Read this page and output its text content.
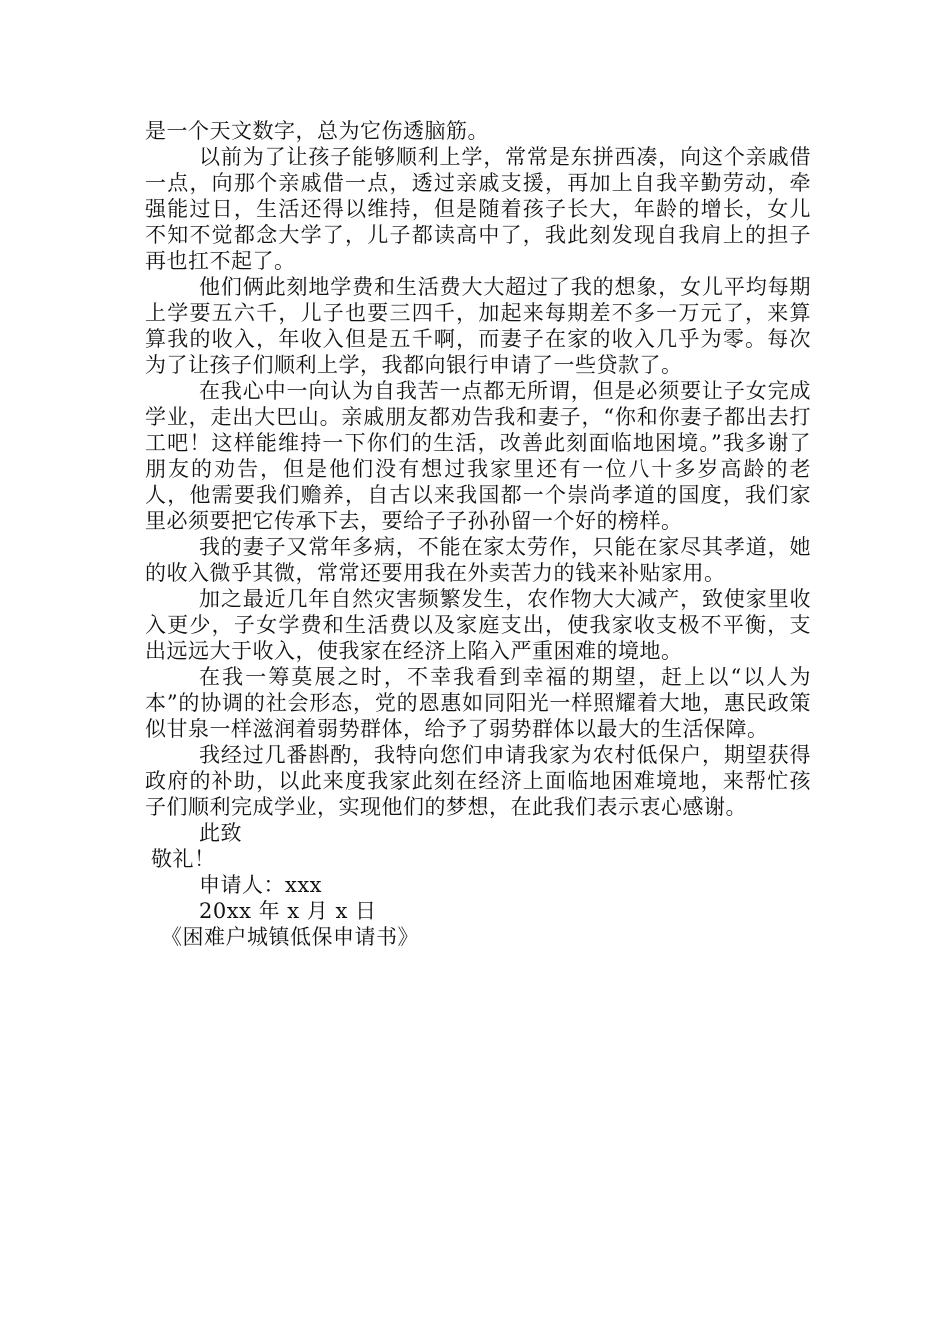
是一个天文数字，总为它伤透脑筋。

以前为了让孩子能够顺利上学，常常是东拼西凑，向这个亲戚借一点，向那个亲戚借一点，透过亲戚支援，再加上自我辛勤劳动，牵强能过日，生活还得以维持，但是随着孩子长大，年龄的增长，女儿不知不觉都念大学了，儿子都读高中了，我此刻发现自我肩上的担子再也扛不起了。

他们俩此刻地学费和生活费大大超过了我的想象，女儿平均每期上学要五六千，儿子也要三四千，加起来每期差不多一万元了，来算算我的收入，年收入但是五千啊，而妻子在家的收入几乎为零。每次为了让孩子们顺利上学，我都向银行申请了一些贷款了。

在我心中一向认为自我苦一点都无所谓，但是必须要让子女完成学业，走出大巴山。亲戚朋友都劝告我和妻子，“你和你妻子都出去打工吧！这样能维持一下你们的生活，改善此刻面临地困境。”我多谢了朋友的劝告，但是他们没有想过我家里还有一位八十多岁高龄的老人，他需要我们赡养，自古以来我国都一个崇尚孝道的国度，我们家里必须要把它传承下去，要给子子孙孙留一个好的榜样。

我的妻子又常年多病，不能在家太劳作，只能在家尽其孝道，她的收入微乎其微，常常还要用我在外卖苦力的钱来补贴家用。

加之最近几年自然灾害频繁发生，农作物大大减产，致使家里收入更少，子女学费和生活费以及家庭支出，使我家收支极不平衡，支出远远大于收入，使我家在经济上陷入严重困难的境地。

在我一筹莫展之时，不幸我看到幸福的期望，赶上以“以人为本”的协调的社会形态，党的恩惠如同阳光一样照耀着大地，惠民政策似甘泉一样滋润着弱势群体，给予了弱势群体以最大的生活保障。

我经过几番斟酌，我特向您们申请我家为农村低保户，期望获得政府的补助，以此来度我家此刻在经济上面临地困难境地，来帮忙孩子们顺利完成学业，实现他们的梦想，在此我们表示衷心感谢。

此致

敬礼！

申请人：xxx

20xx 年 x 月 x 日

《困难户城镇低保申请书》
